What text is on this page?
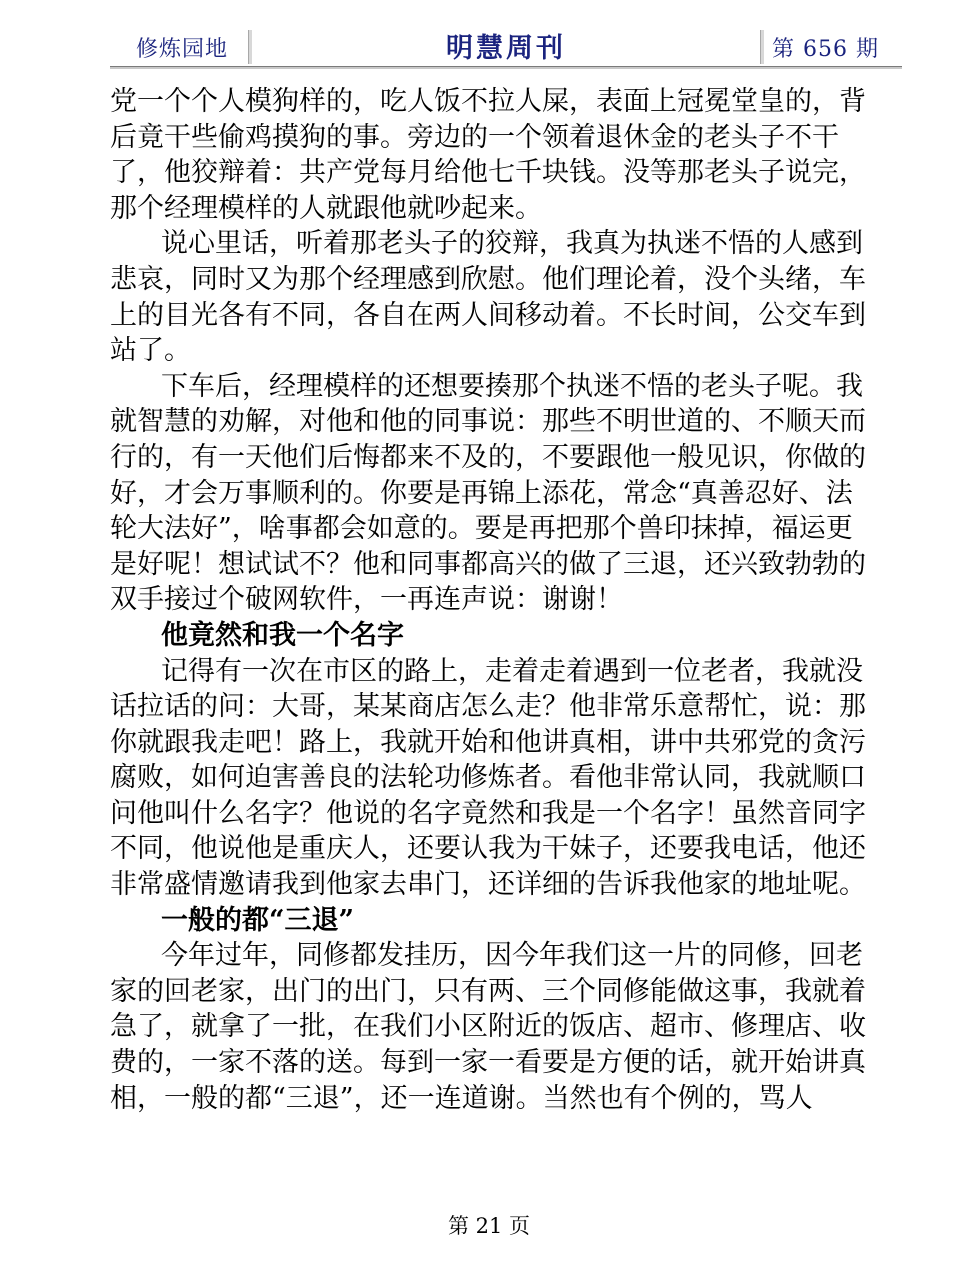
修炼园地	明慧周刊	第 656 期
党一个个人模狗样的，吃人饭不拉人屎，表面上冠冕堂皇的，背
后竟干些偷鸡摸狗的事。旁边的一个领着退休金的老头子不干
了，他狡辩着：共产党每月给他七千块钱。没等那老头子说完，
那个经理模样的人就跟他就吵起来。
说心里话，听着那老头子的狡辩，我真为执迷不悟的人感到
悲哀，同时又为那个经理感到欣慰。他们理论着，没个头绪，车
上的目光各有不同，各自在两人间移动着。不长时间，公交车到
站了。
下车后，经理模样的还想要揍那个执迷不悟的老头子呢。我
就智慧的劝解，对他和他的同事说：那些不明世道的、不顺天而
行的，有一天他们后悔都来不及的，不要跟他一般见识，你做的
好，才会万事顺利的。你要是再锦上添花，常念“真善忍好、法
轮大法好”，啥事都会如意的。要是再把那个兽印抹掉，福运更
是好呢！想试试不？他和同事都高兴的做了三退，还兴致勃勃的
双手接过个破网软件，一再连声说：谢谢！
他竟然和我一个名字
记得有一次在市区的路上，走着走着遇到一位老者，我就没
话拉话的问：大哥，某某商店怎么走？他非常乐意帮忙，说：那
你就跟我走吧！路上，我就开始和他讲真相，讲中共邪党的贪污
腐败，如何迫害善良的法轮功修炼者。看他非常认同，我就顺口
问他叫什么名字？他说的名字竟然和我是一个名字！虽然音同字
不同，他说他是重庆人，还要认我为干妹子，还要我电话，他还
非常盛情邀请我到他家去串门，还详细的告诉我他家的地址呢。
一般的都“三退”
今年过年，同修都发挂历，因今年我们这一片的同修，回老
家的回老家，出门的出门，只有两、三个同修能做这事，我就着
急了，就拿了一批，在我们小区附近的饭店、超市、修理店、收
费的，一家不落的送。每到一家一看要是方便的话，就开始讲真
相，一般的都“三退”，还一连道谢。当然也有个例的，骂人
第 21 页
